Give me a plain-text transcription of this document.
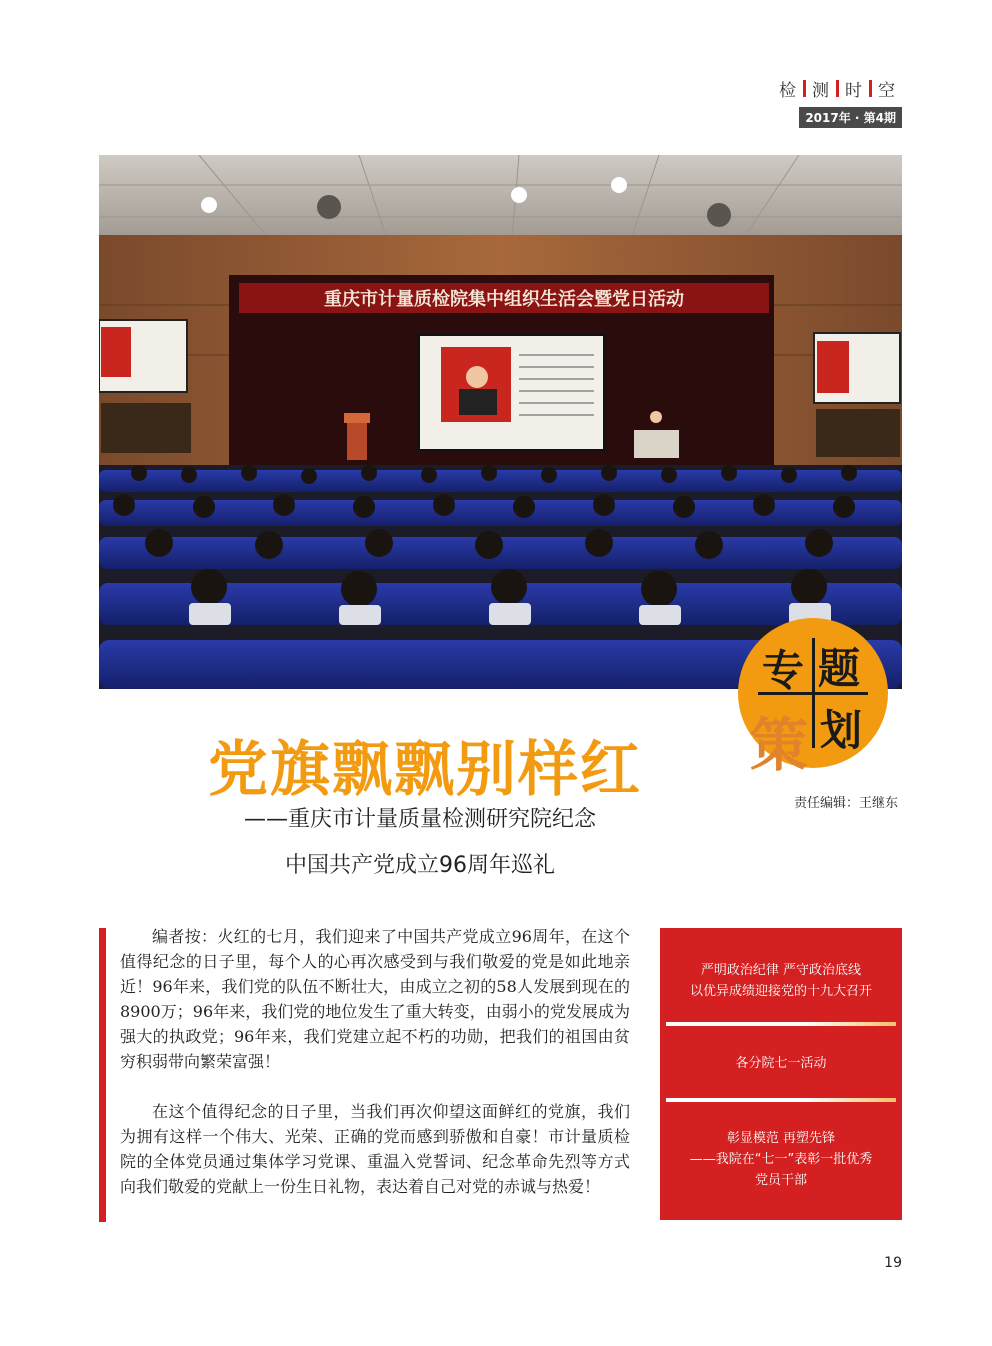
检 测 时 空
2017年 · 第4期
重庆市计量质检院集中组织生活会暨党日活动
专 题
策 划
党旗飘飘别样红
——重庆市计量质量检测研究院纪念
中国共产党成立96周年巡礼
责任编辑：王继东

编者按：火红的七月，我们迎来了中国共产党成立96周年，在这个值得纪念的日子里，每个人的心再次感受到与我们敬爱的党是如此地亲近！96年来，我们党的队伍不断壮大，由成立之初的58人发展到现在的8900万；96年来，我们党的地位发生了重大转变，由弱小的党发展成为强大的执政党；96年来，我们党建立起不朽的功勋，把我们的祖国由贫穷积弱带向繁荣富强！

在这个值得纪念的日子里，当我们再次仰望这面鲜红的党旗，我们为拥有这样一个伟大、光荣、正确的党而感到骄傲和自豪！市计量质检院的全体党员通过集体学习党课、重温入党誓词、纪念革命先烈等方式向我们敬爱的党献上一份生日礼物，表达着自己对党的赤诚与热爱！

严明政治纪律 严守政治底线
以优异成绩迎接党的十九大召开
各分院七一活动
彰显模范 再塑先锋
——我院在“七一”表彰一批优秀
党员干部
19
